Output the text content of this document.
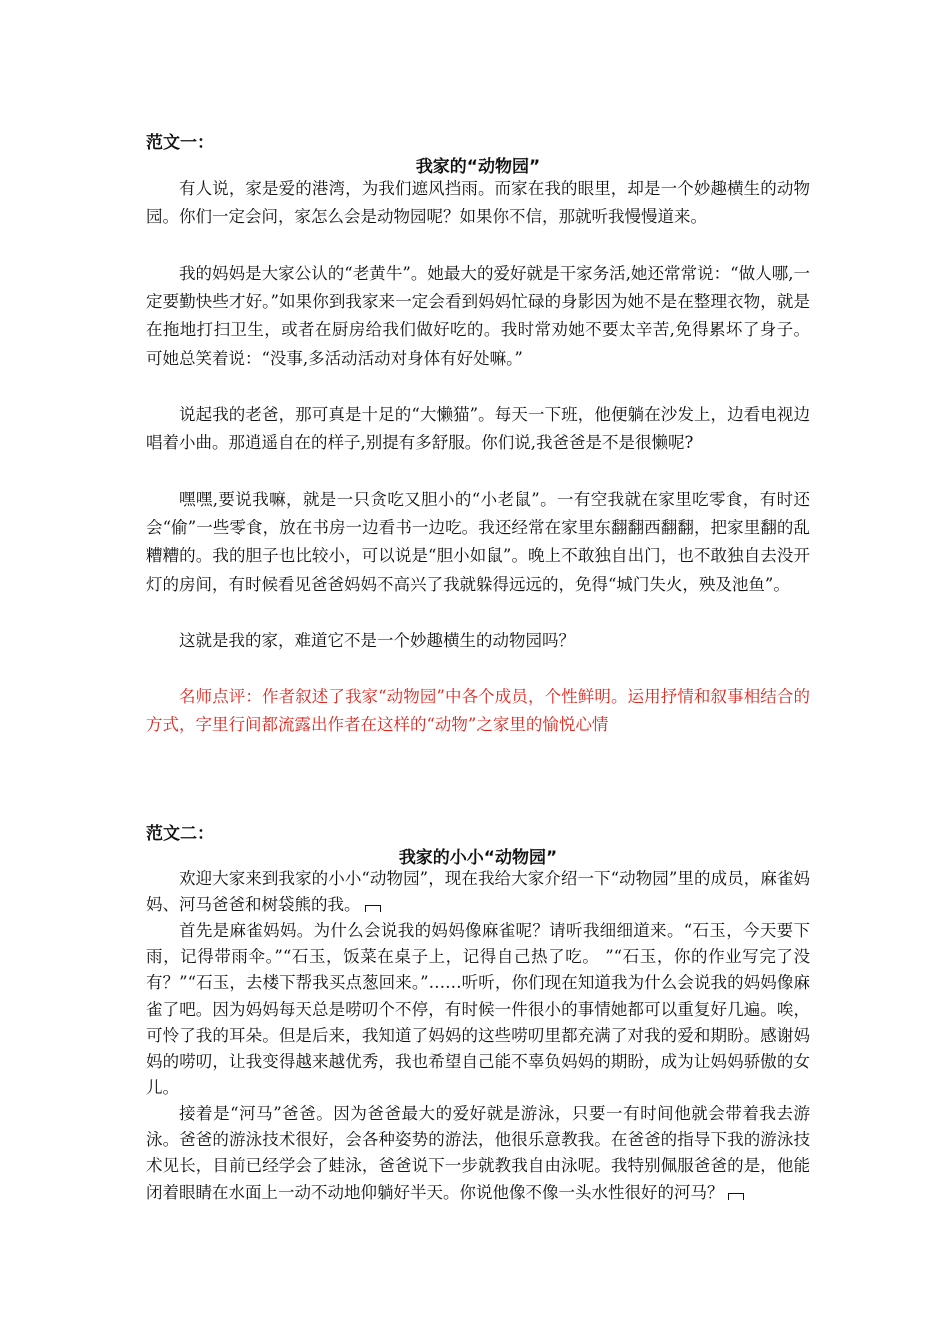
范文一：
我家的“动物园”

有人说，家是爱的港湾，为我们遮风挡雨。而家在我的眼里，却是一个妙趣横生的动物园。你们一定会问，家怎么会是动物园呢？如果你不信，那就听我慢慢道来。

我的妈妈是大家公认的“老黄牛”。她最大的爱好就是干家务活,她还常常说：“做人哪,一定要勤快些才好。”如果你到我家来一定会看到妈妈忙碌的身影因为她不是在整理衣物，就是在拖地打扫卫生，或者在厨房给我们做好吃的。我时常劝她不要太辛苦,免得累坏了身子。可她总笑着说：“没事,多活动活动对身体有好处嘛。”

说起我的老爸，那可真是十足的“大懒猫”。每天一下班，他便躺在沙发上，边看电视边唱着小曲。那逍遥自在的样子,别提有多舒服。你们说,我爸爸是不是很懒呢?

嘿嘿,要说我嘛，就是一只贪吃又胆小的“小老鼠”。一有空我就在家里吃零食，有时还会“偷”一些零食，放在书房一边看书一边吃。我还经常在家里东翻翻西翻翻，把家里翻的乱糟糟的。我的胆子也比较小，可以说是“胆小如鼠”。晚上不敢独自出门，也不敢独自去没开灯的房间，有时候看见爸爸妈妈不高兴了我就躲得远远的，免得“城门失火，殃及池鱼”。

这就是我的家，难道它不是一个妙趣横生的动物园吗？

名师点评：作者叙述了我家“动物园”中各个成员，个性鲜明。运用抒情和叙事相结合的方式，字里行间都流露出作者在这样的“动物”之家里的愉悦心情

范文二：
我家的小小“动物园”

欢迎大家来到我家的小小“动物园”，现在我给大家介绍一下“动物园”里的成员，麻雀妈妈、河马爸爸和树袋熊的我。

首先是麻雀妈妈。为什么会说我的妈妈像麻雀呢？请听我细细道来。“石玉，今天要下雨，记得带雨伞。”“石玉，饭菜在桌子上，记得自己热了吃。 ”“石玉，你的作业写完了没有？”“石玉，去楼下帮我买点葱回来。”……听听，你们现在知道我为什么会说我的妈妈像麻雀了吧。因为妈妈每天总是唠叨个不停，有时候一件很小的事情她都可以重复好几遍。唉，可怜了我的耳朵。但是后来，我知道了妈妈的这些唠叨里都充满了对我的爱和期盼。感谢妈妈的唠叨，让我变得越来越优秀，我也希望自己能不辜负妈妈的期盼，成为让妈妈骄傲的女儿。

接着是“河马”爸爸。因为爸爸最大的爱好就是游泳，只要一有时间他就会带着我去游泳。爸爸的游泳技术很好，会各种姿势的游法，他很乐意教我。在爸爸的指导下我的游泳技术见长，目前已经学会了蛙泳，爸爸说下一步就教我自由泳呢。我特别佩服爸爸的是，他能闭着眼睛在水面上一动不动地仰躺好半天。你说他像不像一头水性很好的河马？
